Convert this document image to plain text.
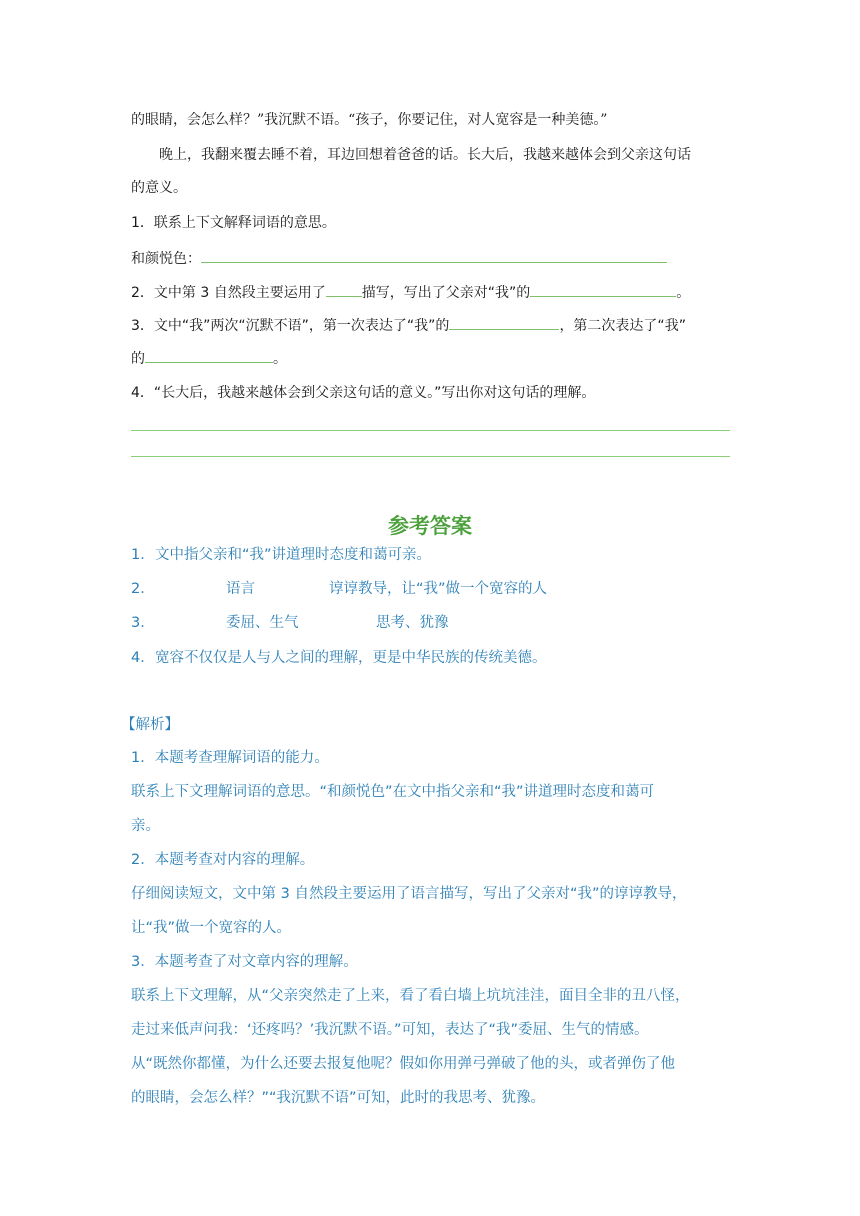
的眼睛，会怎么样？”我沉默不语。“孩子，你要记住，对人宽容是一种美德。”
晚上，我翻来覆去睡不着，耳边回想着爸爸的话。长大后，我越来越体会到父亲这句话
的意义。
1．联系上下文解释词语的意思。
和颜悦色：
2．文中第 3 自然段主要运用了	描写，写出了父亲对“我”的	。
3．文中“我”两次“沉默不语”，第一次表达了“我”的	，第二次表达了“我”
的	。
4．“长大后，我越来越体会到父亲这句话的意义。”写出你对这句话的理解。
参考答案
1．文中指父亲和“我”讲道理时态度和蔼可亲。
2．	语言	谆谆教导，让“我”做一个宽容的人
3．	委屈、生气	思考、犹豫
4．宽容不仅仅是人与人之间的理解，更是中华民族的传统美德。
【解析】
1．本题考查理解词语的能力。
联系上下文理解词语的意思。“和颜悦色”在文中指父亲和“我”讲道理时态度和蔼可
亲。
2．本题考查对内容的理解。
仔细阅读短文，文中第 3 自然段主要运用了语言描写，写出了父亲对“我”的谆谆教导，
让“我”做一个宽容的人。
3．本题考查了对文章内容的理解。
联系上下文理解，从“父亲突然走了上来，看了看白墙上坑坑洼洼，面目全非的丑八怪，
走过来低声问我：‘还疼吗？’我沉默不语。”可知，表达了“我”委屈、生气的情感。
从“既然你都懂，为什么还要去报复他呢？假如你用弹弓弹破了他的头，或者弹伤了他
的眼睛，会怎么样？”“我沉默不语”可知，此时的我思考、犹豫。
